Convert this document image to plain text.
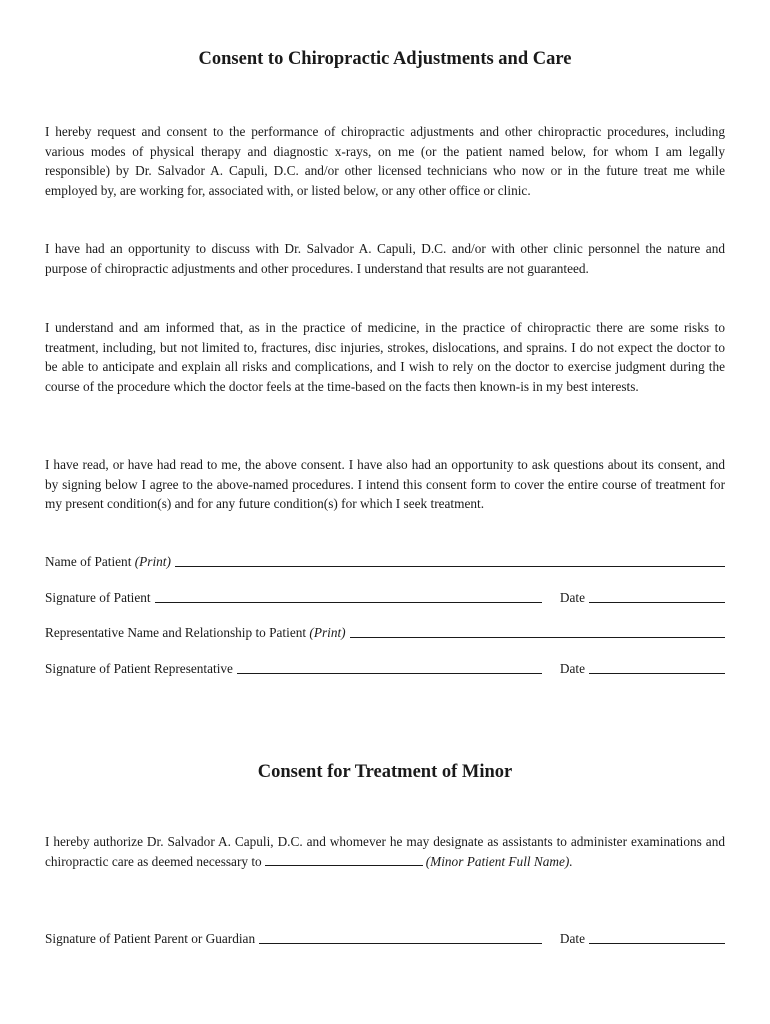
Consent to Chiropractic Adjustments and Care

I hereby request and consent to the performance of chiropractic adjustments and other chiropractic procedures, including various modes of physical therapy and diagnostic x-rays, on me (or the patient named below, for whom I am legally responsible) by Dr. Salvador A. Capuli, D.C. and/or other licensed technicians who now or in the future treat me while employed by, are working for, associated with, or listed below, or any other office or clinic.

I have had an opportunity to discuss with Dr. Salvador A. Capuli, D.C. and/or with other clinic personnel the nature and purpose of chiropractic adjustments and other procedures. I understand that results are not guaranteed.

I understand and am informed that, as in the practice of medicine, in the practice of chiropractic there are some risks to treatment, including, but not limited to, fractures, disc injuries, strokes, dislocations, and sprains. I do not expect the doctor to be able to anticipate and explain all risks and complications, and I wish to rely on the doctor to exercise judgment during the course of the procedure which the doctor feels at the time-based on the facts then known-is in my best interests.

I have read, or have had read to me, the above consent. I have also had an opportunity to ask questions about its consent, and by signing below I agree to the above-named procedures. I intend this consent form to cover the entire course of treatment for my present condition(s) and for any future condition(s) for which I seek treatment.

Name of Patient (Print)
Signature of Patient	Date
Representative Name and Relationship to Patient (Print)
Signature of Patient Representative	Date
Consent for Treatment of Minor

I hereby authorize Dr. Salvador A. Capuli, D.C. and whomever he may designate as assistants to administer examinations and chiropractic care as deemed necessary to	(Minor Patient Full Name).

Signature of Patient Parent or Guardian	Date
